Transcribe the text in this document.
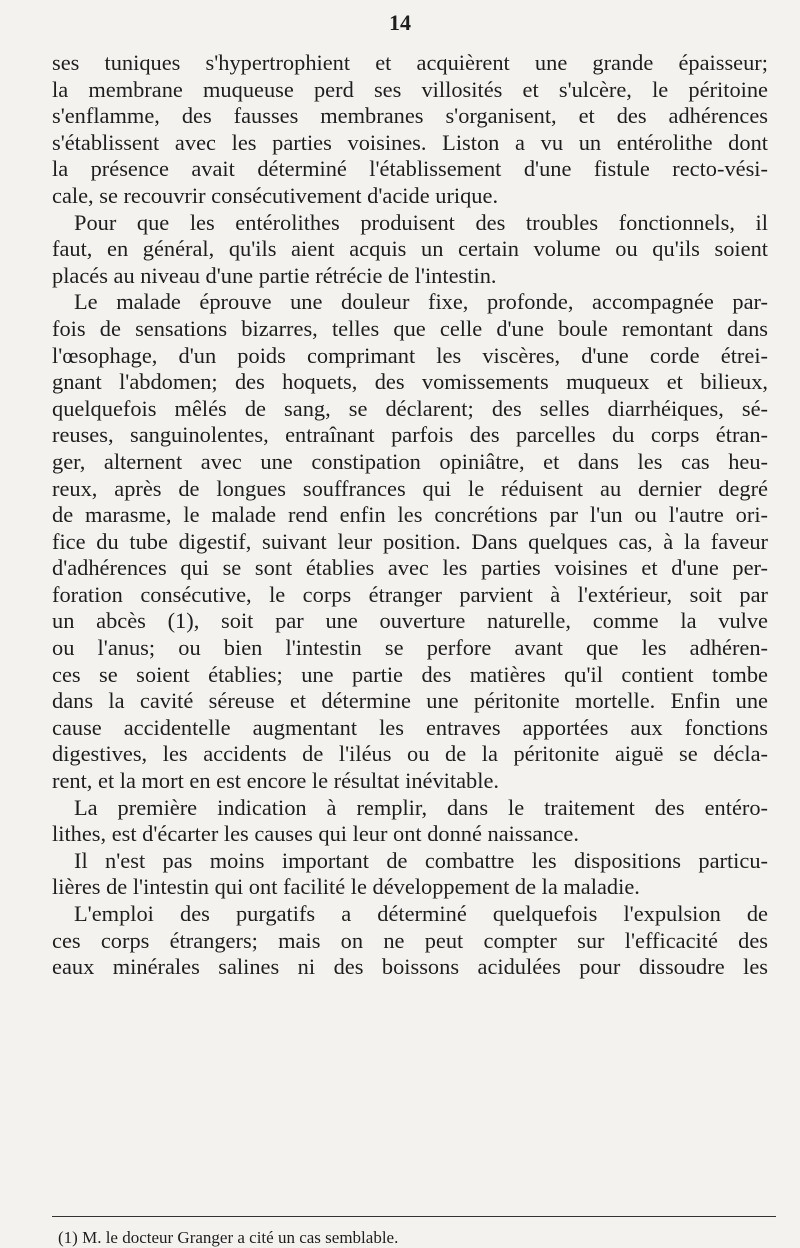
14
ses tuniques s'hypertrophient et acquièrent une grande épaisseur;
la membrane muqueuse perd ses villosités et s'ulcère, le péritoine
s'enflamme, des fausses membranes s'organisent, et des adhérences
s'établissent avec les parties voisines. Liston a vu un entérolithe dont
la présence avait déterminé l'établissement d'une fistule recto-vési-
cale, se recouvrir consécutivement d'acide urique.
Pour que les entérolithes produisent des troubles fonctionnels, il
faut, en général, qu'ils aient acquis un certain volume ou qu'ils soient
placés au niveau d'une partie rétrécie de l'intestin.
Le malade éprouve une douleur fixe, profonde, accompagnée par-
fois de sensations bizarres, telles que celle d'une boule remontant dans
l'œsophage, d'un poids comprimant les viscères, d'une corde étrei-
gnant l'abdomen; des hoquets, des vomissements muqueux et bilieux,
quelquefois mêlés de sang, se déclarent; des selles diarrhéiques, sé-
reuses, sanguinolentes, entraînant parfois des parcelles du corps étran-
ger, alternent avec une constipation opiniâtre, et dans les cas heu-
reux, après de longues souffrances qui le réduisent au dernier degré
de marasme, le malade rend enfin les concrétions par l'un ou l'autre ori-
fice du tube digestif, suivant leur position. Dans quelques cas, à la faveur
d'adhérences qui se sont établies avec les parties voisines et d'une per-
foration consécutive, le corps étranger parvient à l'extérieur, soit par
un abcès (1), soit par une ouverture naturelle, comme la vulve
ou l'anus; ou bien l'intestin se perfore avant que les adhéren-
ces se soient établies; une partie des matières qu'il contient tombe
dans la cavité séreuse et détermine une péritonite mortelle. Enfin une
cause accidentelle augmentant les entraves apportées aux fonctions
digestives, les accidents de l'iléus ou de la péritonite aiguë se décla-
rent, et la mort en est encore le résultat inévitable.
La première indication à remplir, dans le traitement des entéro-
lithes, est d'écarter les causes qui leur ont donné naissance.
Il n'est pas moins important de combattre les dispositions particu-
lières de l'intestin qui ont facilité le développement de la maladie.
L'emploi des purgatifs a déterminé quelquefois l'expulsion de
ces corps étrangers; mais on ne peut compter sur l'efficacité des
eaux minérales salines ni des boissons acidulées pour dissoudre les
(1) M. le docteur Granger a cité un cas semblable.
